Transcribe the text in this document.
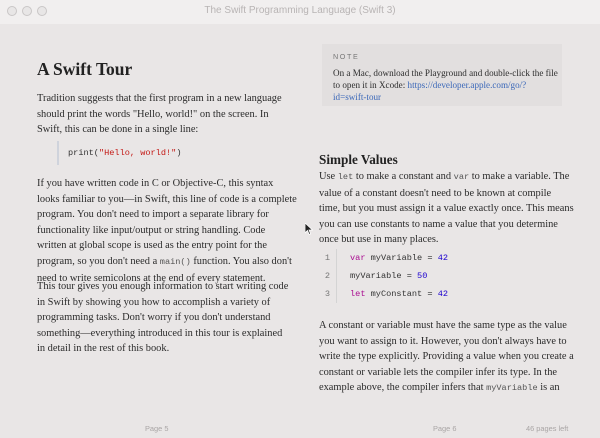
The Swift Programming Language (Swift 3)
A Swift Tour
Tradition suggests that the first program in a new language
should print the words "Hello, world!" on the screen. In
Swift, this can be done in a single line:
print("Hello, world!")
If you have written code in C or Objective-C, this syntax
looks familiar to you—in Swift, this line of code is a complete
program. You don't need to import a separate library for
functionality like input/output or string handling. Code
written at global scope is used as the entry point for the
program, so you don't need a main() function. You also don't
need to write semicolons at the end of every statement.
This tour gives you enough information to start writing code
in Swift by showing you how to accomplish a variety of
programming tasks. Don't worry if you don't understand
something—everything introduced in this tour is explained
in detail in the rest of this book.
NOTE
On a Mac, download the Playground and double-click the file
to open it in Xcode: https://developer.apple.com/go/?
id=swift-tour
Simple Values
Use let to make a constant and var to make a variable. The
value of a constant doesn't need to be known at compile
time, but you must assign it a value exactly once. This means
you can use constants to name a value that you determine
once but use in many places.
1 var myVariable = 42
2 myVariable = 50
3 let myConstant = 42
A constant or variable must have the same type as the value
you want to assign to it. However, you don't always have to
write the type explicitly. Providing a value when you create a
constant or variable lets the compiler infer its type. In the
example above, the compiler infers that myVariable is an
Page 5	Page 6	46 pages left
